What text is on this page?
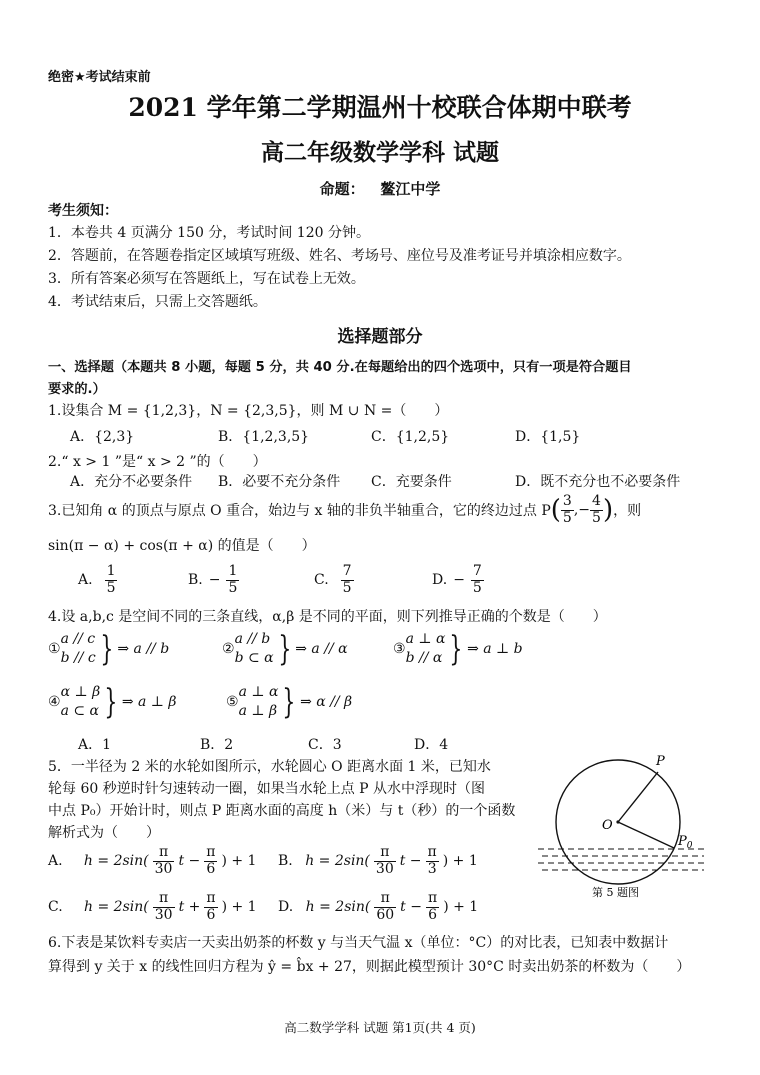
绝密★考试结束前
2021 学年第二学期温州十校联合体期中联考
高二年级数学学科 试题
命题： 鳌江中学
考生须知：
1．本卷共 4 页满分 150 分，考试时间 120 分钟。
2．答题前，在答题卷指定区域填写班级、姓名、考场号、座位号及准考证号并填涂相应数字。
3．所有答案必须写在答题纸上，写在试卷上无效。
4．考试结束后，只需上交答题纸。
选择题部分
一、选择题（本题共 8 小题，每题 5 分，共 40 分.在每题给出的四个选项中，只有一项是符合题目
要求的.）
1.设集合 M = {1,2,3}，N = {2,3,5}，则 M ∪ N =（　　）
A．{2,3}	B．{1,2,3,5}	C．{1,2,5}	D．{1,5}
2.“ x > 1 ”是“ x > 2 ”的（　　）
A．充分不必要条件 B．必要不充分条件 C．充要条件	D．既不充分也不必要条件
3.已知角 α 的顶点与原点 O 重合，始边与 x 轴的非负半轴重合，它的终边过点 P ( $\frac{3}{5}$ , − $\frac{4}{5}$ ) ，则
sin(π − α) + cos(π + α) 的值是（　　）
A. $\frac{1}{5}$	B. − $\frac{1}{5}$	C. $\frac{7}{5}$	D. − $\frac{7}{5}$
4.设 a,b,c 是空间不同的三条直线，α,β 是不同的平面，则下列推导正确的个数是（　　）
①
a // c
b // c } ⇒ a // b	②
a // b
b ⊂ α } ⇒ a // α	③
a ⊥ α
b // α } ⇒ a ⊥ b
④
α ⊥ β
a ⊂ α } ⇒ a ⊥ β	⑤
a ⊥ α
a ⊥ β } ⇒ α // β
A．1	B．2	C．3	D．4
5．一半径为 2 米的水轮如图所示，水轮圆心 O 距离水面 1 米，已知水
轮每 60 秒逆时针匀速转动一圈，如果当水轮上点 P 从水中浮现时（图
中点 P₀）开始计时，则点 P 距离水面的高度 h（米）与 t（秒）的一个函数
解析式为（　　）
A.
$h = 2\sin( \frac{\pi}{30}$ $t - \frac{\pi}{6}$ ) + 1 B.
$h = 2\sin( \frac{\pi}{30}$ $t - \frac{\pi}{3}$ ) + 1
C.
$h = 2\sin( \frac{\pi}{30}$ $t + \frac{\pi}{6}$ ) + 1 D.
$h = 2\sin( \frac{\pi}{60}$ $t - \frac{\pi}{6}$ ) + 1
P
O
$P_0$
第 5 题图
6.下表是某饮料专卖店一天卖出奶茶的杯数 y 与当天气温 x（单位：°C）的对比表，已知表中数据计
算得到 y 关于 x 的线性回归方程为 ŷ = b̂x + 27，则据此模型预计 30°C 时卖出奶茶的杯数为（　　）
高二数学学科 试题 第1页(共 4 页)
